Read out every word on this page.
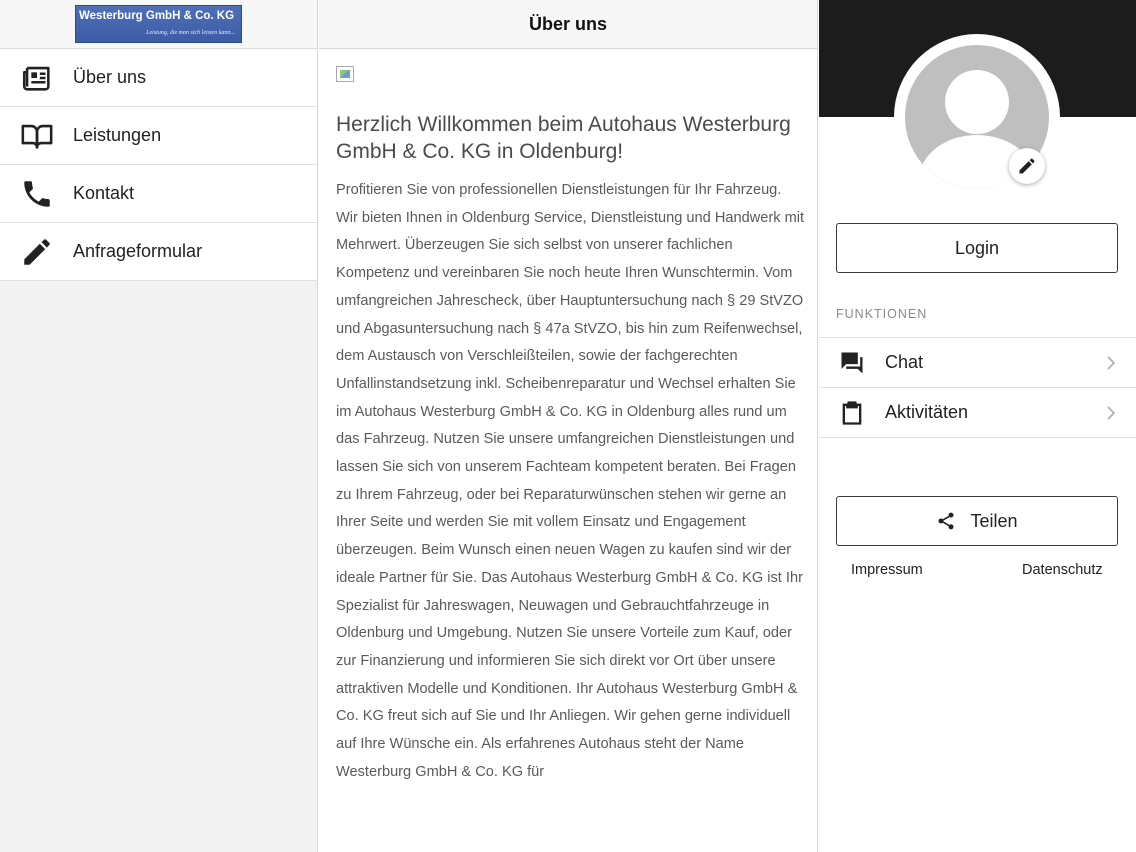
Westerburg GmbH & Co. KG
Leistung, die man sich leisten kann...
Über uns
Leistungen
Kontakt
Anfrageformular
Über uns
Herzlich Willkommen beim Autohaus Westerburg GmbH & Co. KG in Oldenburg!

Profitieren Sie von professionellen Dienstleistungen für Ihr Fahrzeug. Wir bieten Ihnen in Oldenburg Service, Dienstleistung und Handwerk mit Mehrwert. Überzeugen Sie sich selbst von unserer fachlichen Kompetenz und vereinbaren Sie noch heute Ihren Wunschtermin. Vom umfangreichen Jahrescheck, über Hauptuntersuchung nach § 29 StVZO und Abgasuntersuchung nach § 47a StVZO, bis hin zum Reifenwechsel, dem Austausch von Verschleißteilen, sowie der fachgerechten Unfallinstandsetzung inkl. Scheibenreparatur und Wechsel erhalten Sie im Autohaus Westerburg GmbH & Co. KG in Oldenburg alles rund um das Fahrzeug. Nutzen Sie unsere umfangreichen Dienstleistungen und lassen Sie sich von unserem Fachteam kompetent beraten. Bei Fragen zu Ihrem Fahrzeug, oder bei Reparaturwünschen stehen wir gerne an Ihrer Seite und werden Sie mit vollem Einsatz und Engagement überzeugen. Beim Wunsch einen neuen Wagen zu kaufen sind wir der ideale Partner für Sie. Das Autohaus Westerburg GmbH & Co. KG ist Ihr Spezialist für Jahreswagen, Neuwagen und Gebrauchtfahrzeuge in Oldenburg und Umgebung. Nutzen Sie unsere Vorteile zum Kauf, oder zur Finanzierung und informieren Sie sich direkt vor Ort über unsere attraktiven Modelle und Konditionen. Ihr Autohaus Westerburg GmbH & Co. KG freut sich auf Sie und Ihr Anliegen. Wir gehen gerne individuell auf Ihre Wünsche ein. Als erfahrenes Autohaus steht der Name Westerburg GmbH & Co. KG für

Login
FUNKTIONEN
Chat
Aktivitäten
Teilen
Impressum	Datenschutz
